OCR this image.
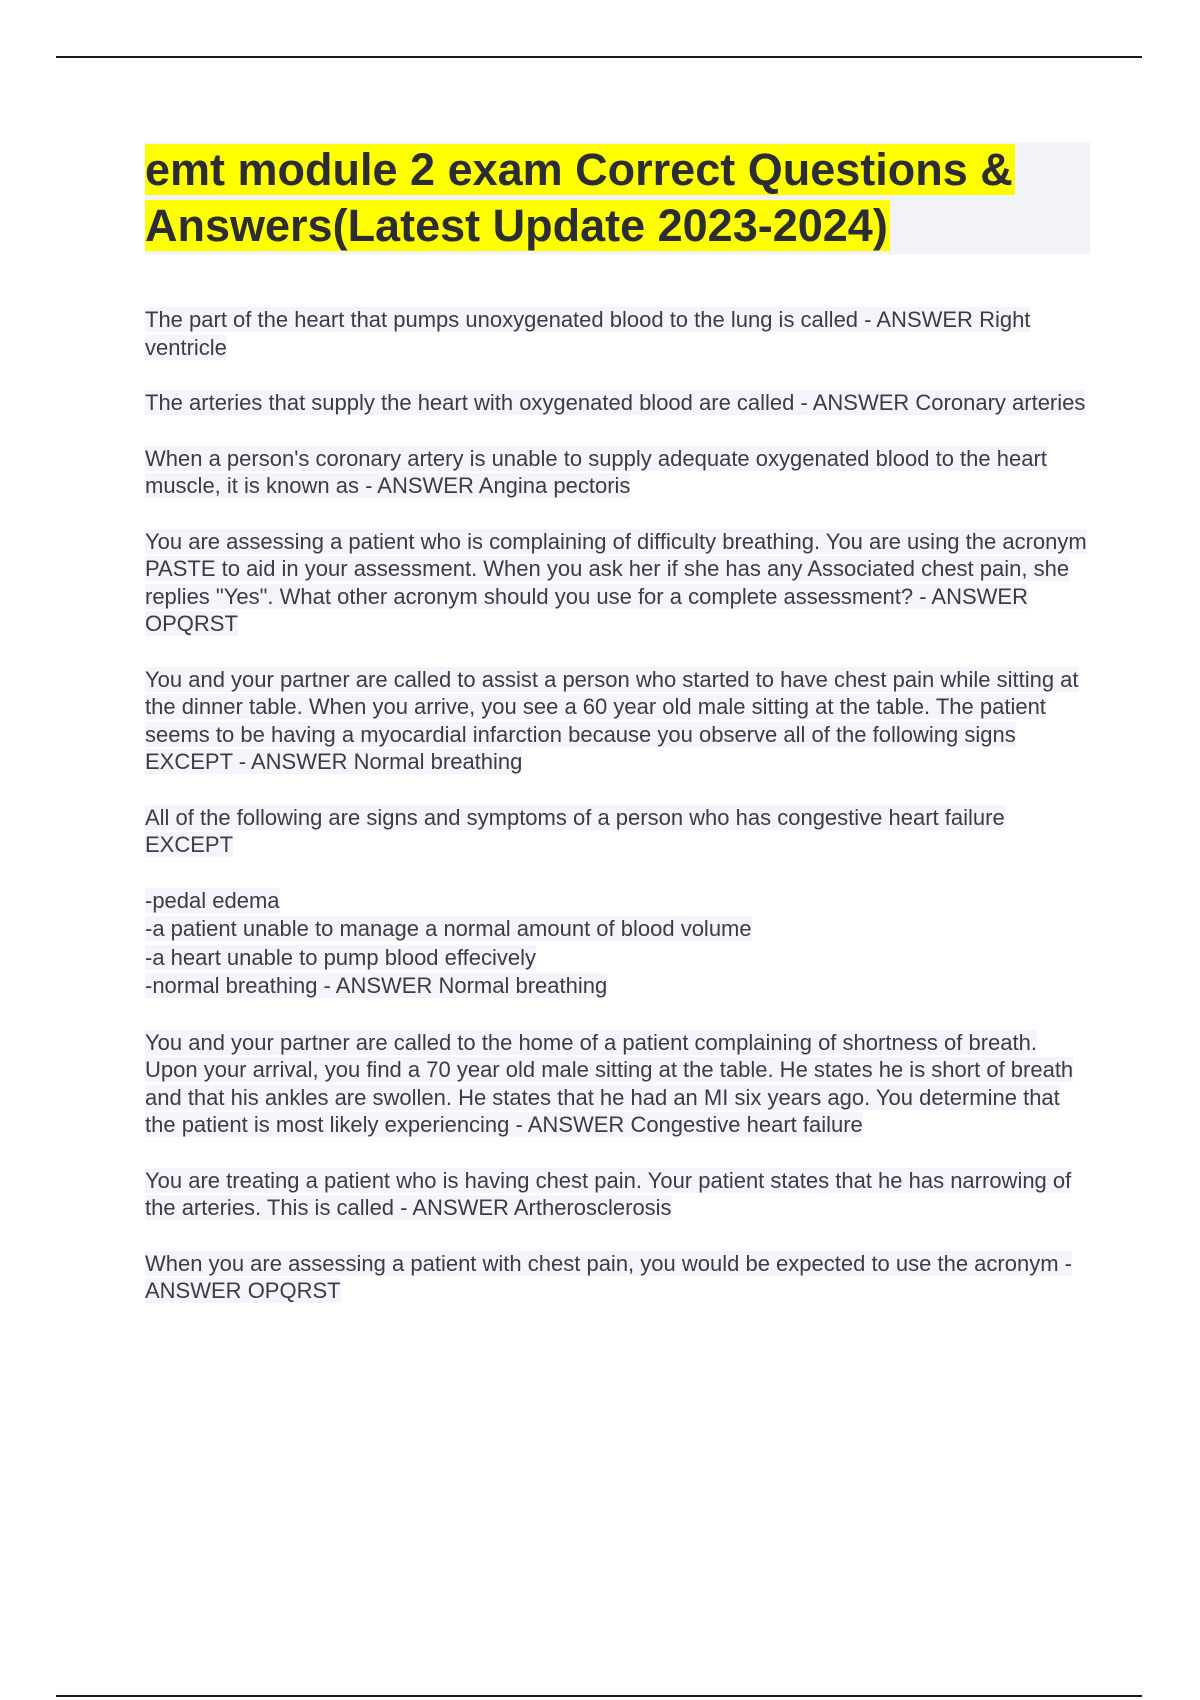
emt module 2 exam Correct Questions & Answers(Latest Update 2023-2024)

The part of the heart that pumps unoxygenated blood to the lung is called - ANSWER Right ventricle

The arteries that supply the heart with oxygenated blood are called - ANSWER Coronary arteries

When a person's coronary artery is unable to supply adequate oxygenated blood to the heart muscle, it is known as - ANSWER Angina pectoris

You are assessing a patient who is complaining of difficulty breathing. You are using the acronym PASTE to aid in your assessment. When you ask her if she has any Associated chest pain, she replies "Yes". What other acronym should you use for a complete assessment? - ANSWER OPQRST

You and your partner are called to assist a person who started to have chest pain while sitting at the dinner table. When you arrive, you see a 60 year old male sitting at the table. The patient seems to be having a myocardial infarction because you observe all of the following signs EXCEPT - ANSWER Normal breathing

All of the following are signs and symptoms of a person who has congestive heart failure EXCEPT

-pedal edema
-a patient unable to manage a normal amount of blood volume
-a heart unable to pump blood effecively
-normal breathing - ANSWER Normal breathing

You and your partner are called to the home of a patient complaining of shortness of breath. Upon your arrival, you find a 70 year old male sitting at the table. He states he is short of breath and that his ankles are swollen. He states that he had an MI six years ago. You determine that the patient is most likely experiencing - ANSWER Congestive heart failure

You are treating a patient who is having chest pain. Your patient states that he has narrowing of the arteries. This is called - ANSWER Artherosclerosis

When you are assessing a patient with chest pain, you would be expected to use the acronym - ANSWER OPQRST
